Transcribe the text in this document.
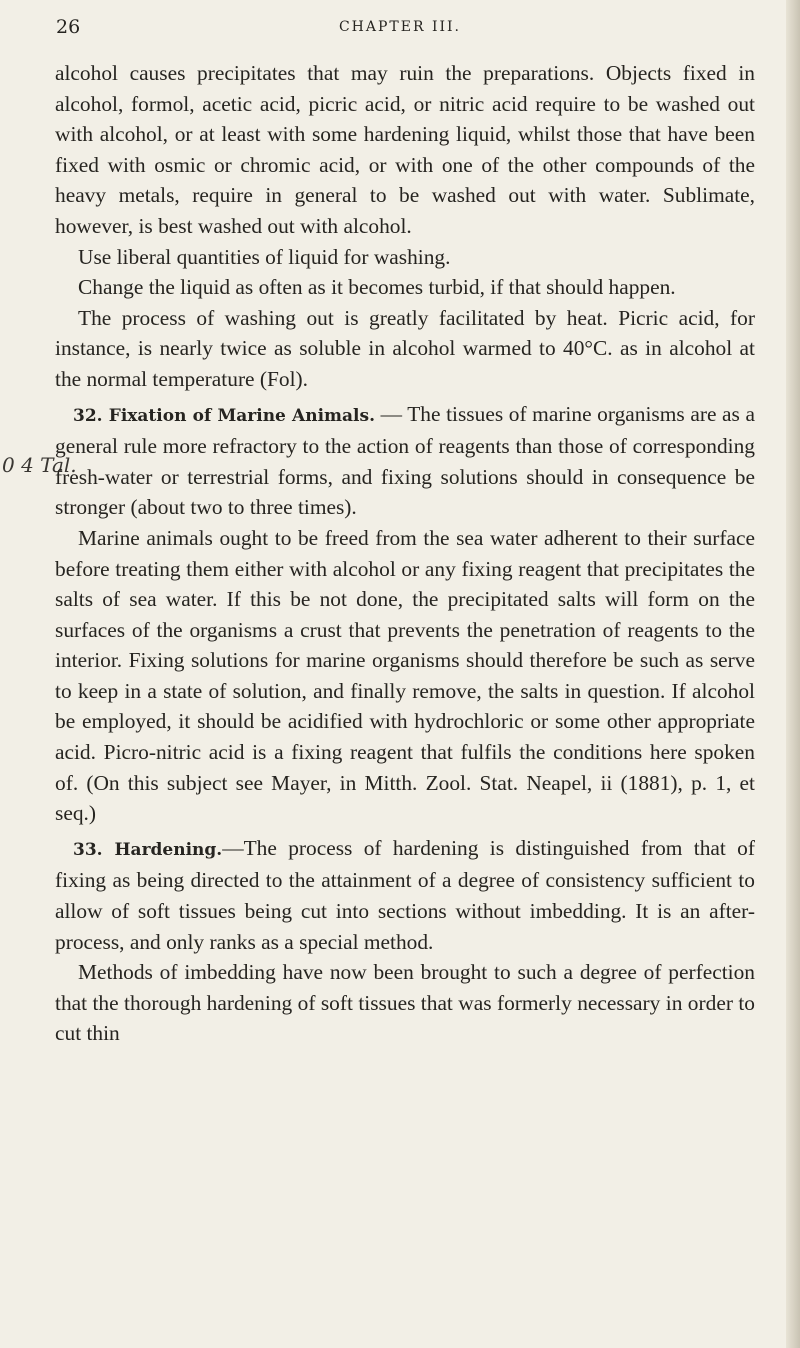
26	CHAPTER III.
0 4 Tal.

alcohol causes precipitates that may ruin the preparations. Objects fixed in alcohol, formol, acetic acid, picric acid, or nitric acid require to be washed out with alcohol, or at least with some hardening liquid, whilst those that have been fixed with osmic or chromic acid, or with one of the other compounds of the heavy metals, require in general to be washed out with water. Sublimate, however, is best washed out with alcohol.

Use liberal quantities of liquid for washing.

Change the liquid as often as it becomes turbid, if that should happen.

The process of washing out is greatly facilitated by heat. Picric acid, for instance, is nearly twice as soluble in alcohol warmed to 40°C. as in alcohol at the normal temperature (Fol).

32. Fixation of Marine Animals. — The tissues of marine organisms are as a general rule more refractory to the action of reagents than those of corresponding fresh-water or terrestrial forms, and fixing solutions should in consequence be stronger (about two to three times).

Marine animals ought to be freed from the sea water adherent to their surface before treating them either with alcohol or any fixing reagent that precipitates the salts of sea water. If this be not done, the precipitated salts will form on the surfaces of the organisms a crust that prevents the penetration of reagents to the interior. Fixing solutions for marine organisms should therefore be such as serve to keep in a state of solution, and finally remove, the salts in question. If alcohol be employed, it should be acidified with hydrochloric or some other appropriate acid. Picro-nitric acid is a fixing reagent that fulfils the conditions here spoken of. (On this subject see Mayer, in Mitth. Zool. Stat. Neapel, ii (1881), p. 1, et seq.)

33. Hardening.—The process of hardening is distinguished from that of fixing as being directed to the attainment of a degree of consistency sufficient to allow of soft tissues being cut into sections without imbedding. It is an after-process, and only ranks as a special method.

Methods of imbedding have now been brought to such a degree of perfection that the thorough hardening of soft tissues that was formerly necessary in order to cut thin
